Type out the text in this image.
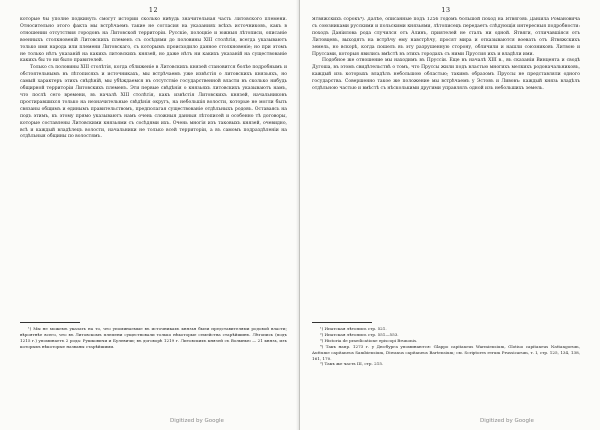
12

которые бы уполне подкинуть смогут истории сколько нибудь значительная часть Литовского племени. Относительно этого факта мы встрѣчаемъ такие не согласия на указаниях всѣхъ источниковъ, какъ в отношении отсутствия городовъ на Литовской территорiи. Русскiе, полоцкiе и южныя лѣтописи, описанiе военныхъ столкновенiй Литовскихъ племенъ съ сосѣдями до половины XIII столѣтiя, всегда указываютъ только имя народа или племени Литовскаго, съ которымъ происходило данное столкновенiе; но при этомъ не только нѣтъ указанiй на какихъ литовскихъ князей, но даже нѣтъ ни какихъ указанiй на существованiе какихъ бы то ни было правителей.

Только съ половины XIII столѣтiя, когда сближенiе в Литовскихъ князей становится болѣе подробнымъ и обстоятельнымъ въ лѣтописяхъ и источникахъ, мы встрѣчаемъ уже извѣстiя о литовскихъ князьяхъ, но самый характеръ этихъ свѣдѣнiй, мы убѣждаемся въ отсутствiе государственной власти въ сколько нибудь общирной территорiи Литовскихъ племенъ. Эти первые свѣдѣнiя о князьяхъ литовскихъ указываютъ намъ, что послѣ сего времени, въ началѣ XIII столѣтiя, какъ извѣстiя Литовскихъ князей, начальниковъ простиравшихся только на незначительные свѣдѣнiя округъ, на небольшiя волости, которые не могли быть связаны общимъ и единымъ правительствомъ, предполагая существованiе отдѣльныхъ родовъ. Оставаясь на подъ этимъ, къ этому прямо указываютъ намъ очень сложныя данныя лѣтописей и особенно тѣ договоры, которые составлены Литовскими князьями съ сосѣдями ихъ. Очень многiя изъ таковыхъ князей, очевидно, всѣ и каждый владѣлецъ волости, начальники не только всей территорiи, а въ самомъ подраздѣленiи на отдѣльныя общины по волостямъ.

¹) Мы не можемъ указать на то, что упоминаемые въ источникахъ князья были представителями родовой власти; вѣроятнѣе всего, что въ Литовскомъ племени существовали только нѣкоторые семейства старѣйшинъ. Лѣтопись (подъ 1215 г.) упоминаетъ 2 рода: Рушковичи и Булевичи; въ договорѣ 1219 г. Литовскихъ князей съ Волынью — 21 князь, изъ которыхъ нѣкоторые названы старѣйшими.

13

Ятвяжскихъ сорокъ⁴). Далѣе, описанные подъ 1256 годомъ большой поход на Ятвяговъ Даніила Романовича съ союзниками русскими и польскими князьями, лѣтописецъ передаетъ слѣдующія интересныя подробности: походъ Даніилова рода случился отъ Алинъ, приятелей не сталъ ни одной. Ятвяги, отличавшiяся отъ Литовцевъ, выходятъ на встрѣчу ему навстрѣчу, просят мира и отказываются воевать отъ Ятвяжскихъ земель, но вскорѣ, когда пошелъ въ эту разрушенную сторону, обличили и нашли союзниковъ Литвою и Пруссами, которыя явились вмѣстѣ въ этихъ городахъ съ ними Пруссия ихъ и владѣли ими.

Подобное же отношение мы находимъ въ Пруссiи. Еще въ началѣ XIII в., въ сказанiи Винцента и сводѣ Дугоша, въ этомъ свидѣтельствѣ о томъ, что Пруссы жили подъ властью многихъ мелкихъ родоначальниковъ, каждый изъ которыхъ владѣлъ небольшою областью; такимъ образомъ Пруссы не представляли одного государства. Совершенно такое же положение мы встрѣчаемъ у Эстовъ и Ливовъ: каждый князь владѣлъ отдѣльною частью и вмѣстѣ съ нѣсколькими другими управлялъ одной изъ небольшихъ земель.

¹) Ипатская лѣтопись стр. 521.

²) Ипатская лѣтопись стр. 551—553.

³) Historia de praedicatione episcopi Brunonis.

⁴) Такъ напр. 1273 г. у Дюсбурга упоминаются: Glappo capitaneus Warmiensium, Glotiuo capitaneus Nattangorum, Auttume capitaneus Sambiensium, Diwanus capitaneus Bartensium; см. Scriptores rerum Prussicarum, т. I, стр. 125, 134, 138, 161, 170.

⁵) Такъ же часть III, стр. 215.

Digitized by Google	Digitized by Google
